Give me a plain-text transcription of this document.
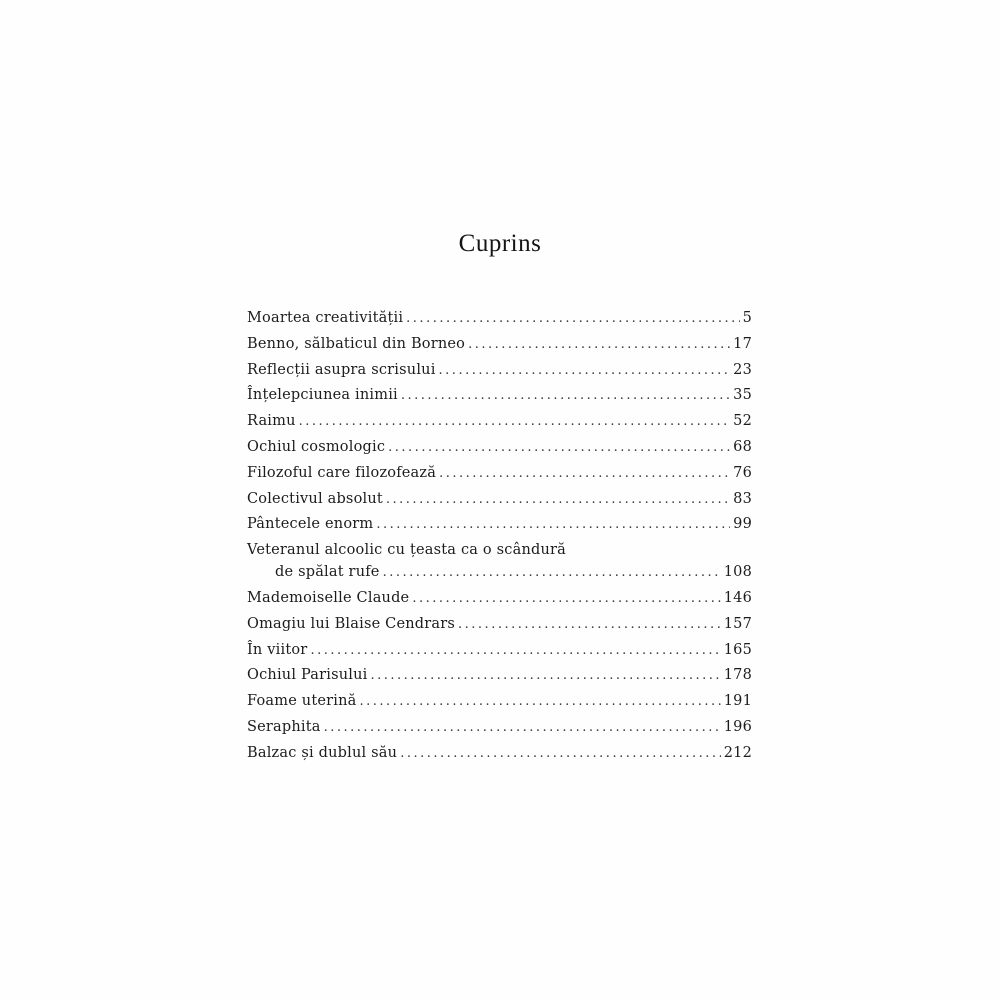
Cuprins
Moartea creativității .....	5
Benno, sălbaticul din Borneo .....	17
Reflecții asupra scrisului .....	23
Înțelepciunea inimii .....	35
Raimu .....	52
Ochiul cosmologic .....	68
Filozoful care filozofează .....	76
Colectivul absolut .....	83
Pântecele enorm .....	99
Veteranul alcoolic cu țeasta ca o scândură
de spălat rufe .....	108
Mademoiselle Claude .....	146
Omagiu lui Blaise Cendrars .....	157
În viitor .....	165
Ochiul Parisului .....	178
Foame uterină .....	191
Seraphita .....	196
Balzac și dublul său .....	212
